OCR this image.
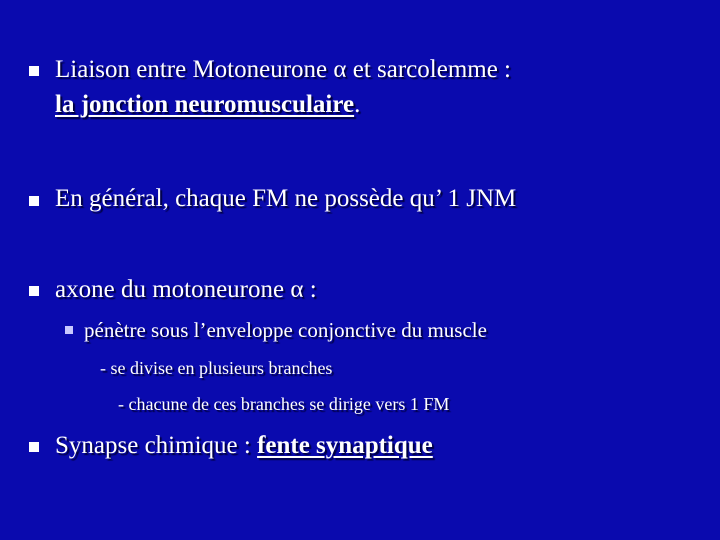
Liaison entre Motoneurone α et sarcolemme :
la jonction neuromusculaire.
En général, chaque FM ne possède qu’ 1 JNM
axone du motoneurone α :
pénètre sous l’enveloppe conjonctive du muscle
- se divise en plusieurs branches
- chacune de ces branches se dirige vers 1 FM
Synapse chimique : fente synaptique
